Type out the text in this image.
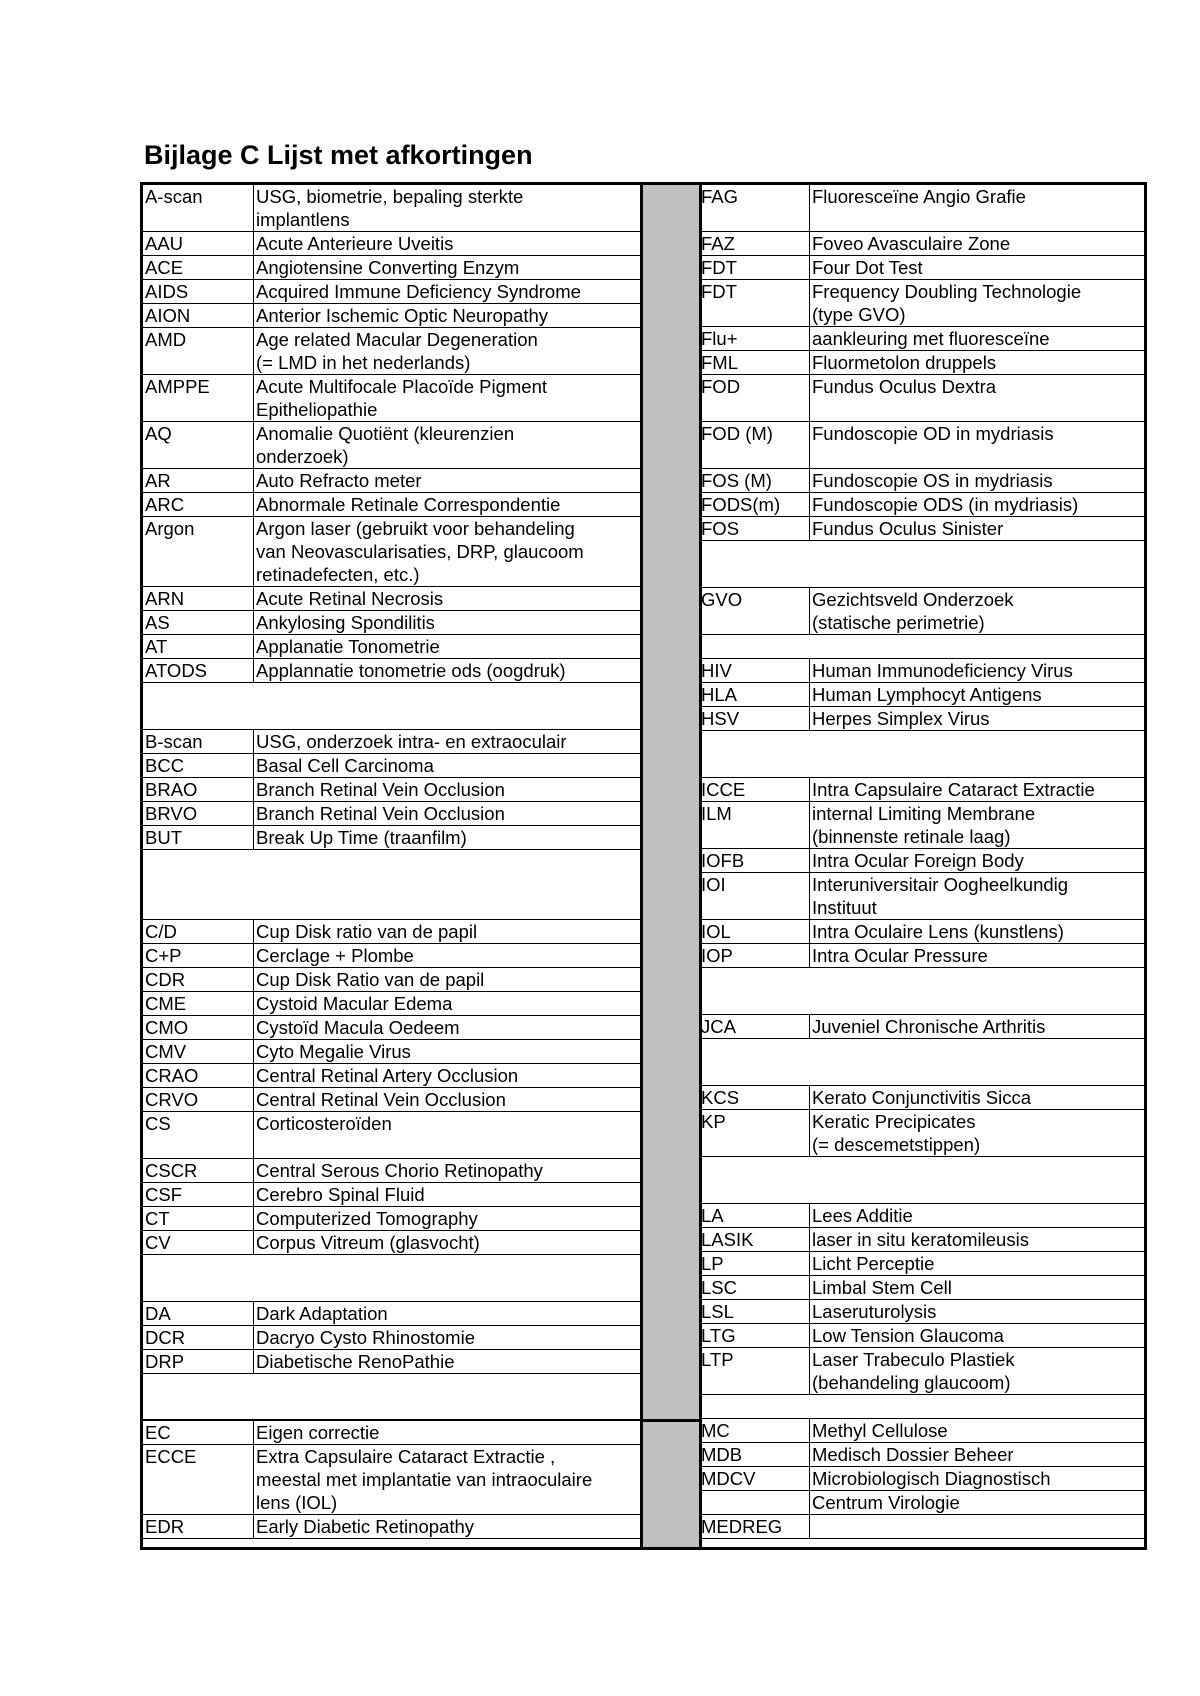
Bijlage C Lijst met afkortingen
A-scan	USG, biometrie, bepaling sterkte
implantlens
AAU	Acute Anterieure Uveitis
ACE	Angiotensine Converting Enzym
AIDS	Acquired Immune Deficiency Syndrome
AION	Anterior Ischemic Optic Neuropathy
AMD	Age related Macular Degeneration
(= LMD in het nederlands)
AMPPE	Acute Multifocale Placoïde Pigment
Epitheliopathie
AQ	Anomalie Quotiënt (kleurenzien
onderzoek)
AR	Auto Refracto meter
ARC	Abnormale Retinale Correspondentie
Argon	Argon laser (gebruikt voor behandeling
van Neovascularisaties, DRP, glaucoom
retinadefecten, etc.)
ARN	Acute Retinal Necrosis
AS	Ankylosing Spondilitis
AT	Applanatie Tonometrie
ATODS	Applannatie tonometrie ods (oogdruk)
B-scan	USG, onderzoek intra- en extraoculair
BCC	Basal Cell Carcinoma
BRAO	Branch Retinal Vein Occlusion
BRVO	Branch Retinal Vein Occlusion
BUT	Break Up Time (traanfilm)
C/D	Cup Disk ratio van de papil
C+P	Cerclage + Plombe
CDR	Cup Disk Ratio van de papil
CME	Cystoid Macular Edema
CMO	Cystoïd Macula Oedeem
CMV	Cyto Megalie Virus
CRAO	Central Retinal Artery Occlusion
CRVO	Central Retinal Vein Occlusion
CS	Corticosteroïden
CSCR	Central Serous Chorio Retinopathy
CSF	Cerebro Spinal Fluid
CT	Computerized Tomography
CV	Corpus Vitreum (glasvocht)
DA	Dark Adaptation
DCR	Dacryo Cysto Rhinostomie
DRP	Diabetische RenoPathie
EC	Eigen correctie
ECCE	Extra Capsulaire Cataract Extractie ,
meestal met implantatie van intraoculaire
lens (IOL)
EDR	Early Diabetic Retinopathy
FAG	Fluoresceïne Angio Grafie
FAZ	Foveo Avasculaire Zone
FDT	Four Dot Test
FDT	Frequency Doubling Technologie
(type GVO)
Flu+	aankleuring met fluoresceïne
FML	Fluormetolon druppels
FOD	Fundus Oculus Dextra
FOD (M)	Fundoscopie OD in mydriasis
FOS (M)	Fundoscopie OS in mydriasis
FODS(m)	Fundoscopie ODS (in mydriasis)
FOS	Fundus Oculus Sinister
GVO	Gezichtsveld Onderzoek
(statische perimetrie)
HIV	Human Immunodeficiency Virus
HLA	Human Lymphocyt Antigens
HSV	Herpes Simplex Virus
ICCE	Intra Capsulaire Cataract Extractie
ILM	internal Limiting Membrane
(binnenste retinale laag)
IOFB	Intra Ocular Foreign Body
IOI	Interuniversitair Oogheelkundig
Instituut
IOL	Intra Oculaire Lens (kunstlens)
IOP	Intra Ocular Pressure
JCA	Juveniel Chronische Arthritis
KCS	Kerato Conjunctivitis Sicca
KP	Keratic Precipicates
(= descemetstippen)
LA	Lees Additie
LASIK	laser in situ keratomileusis
LP	Licht Perceptie
LSC	Limbal Stem Cell
LSL	Laseruturolysis
LTG	Low Tension Glaucoma
LTP	Laser Trabeculo Plastiek
(behandeling glaucoom)
MC	Methyl Cellulose
MDB	Medisch Dossier Beheer
MDCV	Microbiologisch Diagnostisch
Centrum Virologie
MEDREG
